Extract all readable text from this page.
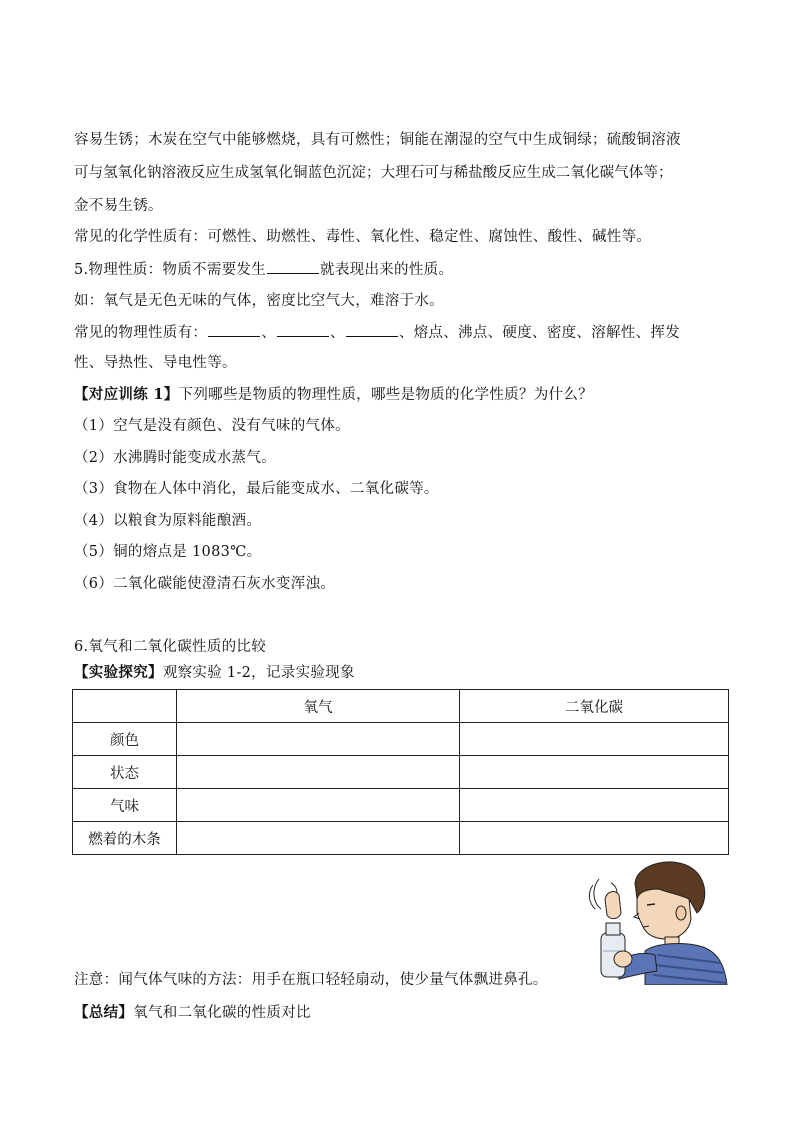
容易生锈；木炭在空气中能够燃烧，具有可燃性；铜能在潮湿的空气中生成铜绿；硫酸铜溶液
可与氢氧化钠溶液反应生成氢氧化铜蓝色沉淀；大理石可与稀盐酸反应生成二氧化碳气体等；
金不易生锈。
常见的化学性质有：可燃性、助燃性、毒性、氧化性、稳定性、腐蚀性、酸性、碱性等。
5.物理性质：物质不需要发生	就表现出来的性质。
如：氧气是无色无味的气体，密度比空气大，难溶于水。
常见的物理性质有：	、	、	、熔点、沸点、硬度、密度、溶解性、挥发
性、导热性、导电性等。
【对应训练 1】下列哪些是物质的物理性质，哪些是物质的化学性质？为什么？
（1）空气是没有颜色、没有气味的气体。
（2）水沸腾时能变成水蒸气。
（3）食物在人体中消化，最后能变成水、二氧化碳等。
（4）以粮食为原料能酿酒。
（5）铜的熔点是 1083℃。
（6）二氧化碳能使澄清石灰水变浑浊。
6.氧气和二氧化碳性质的比较
【实验探究】观察实验 1-2，记录实验现象
	氧气	二氧化碳
颜色		
状态		
气味		
燃着的木条		
注意：闻气体气味的方法：用手在瓶口轻轻扇动，使少量气体飘进鼻孔。
【总结】氧气和二氧化碳的性质对比
